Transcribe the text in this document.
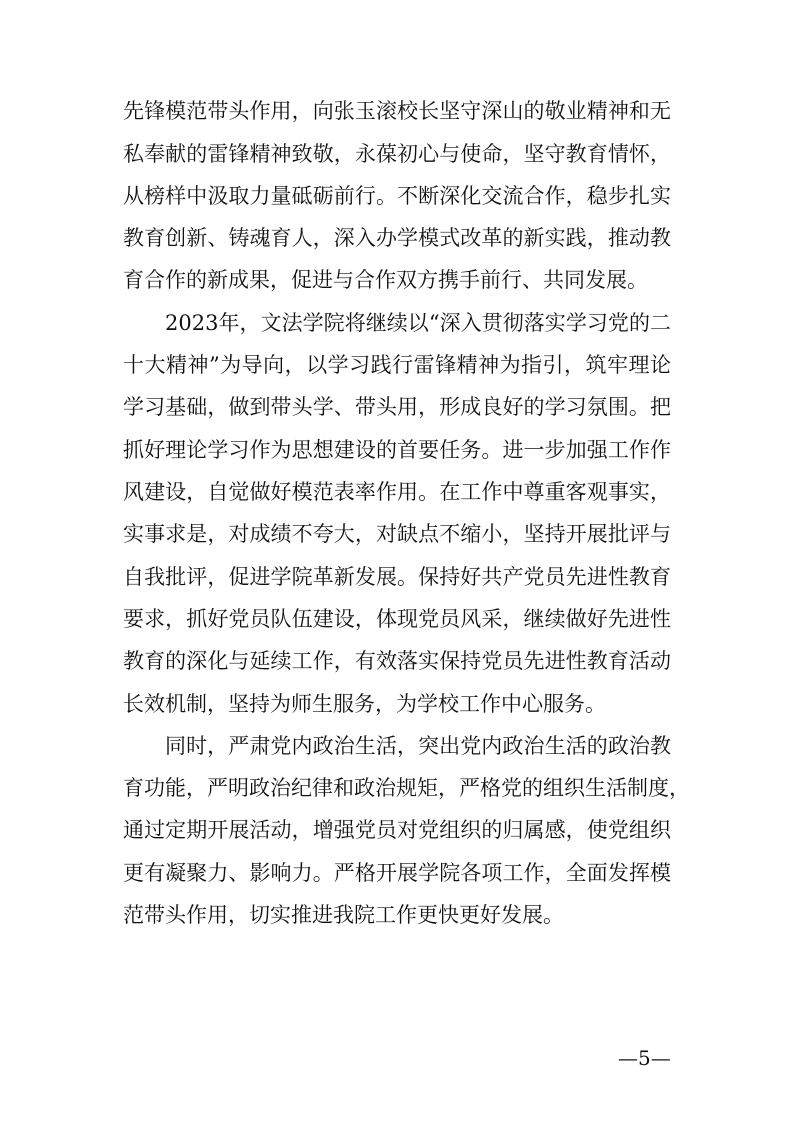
先锋模范带头作用，向张玉滚校长坚守深山的敬业精神和无
私奉献的雷锋精神致敬，永葆初心与使命，坚守教育情怀，
从榜样中汲取力量砥砺前行。不断深化交流合作，稳步扎实
教育创新、铸魂育人，深入办学模式改革的新实践，推动教
育合作的新成果，促进与合作双方携手前行、共同发展。
2023年，文法学院将继续以“深入贯彻落实学习党的二
十大精神”为导向，以学习践行雷锋精神为指引，筑牢理论
学习基础，做到带头学、带头用，形成良好的学习氛围。把
抓好理论学习作为思想建设的首要任务。进一步加强工作作
风建设，自觉做好模范表率作用。在工作中尊重客观事实，
实事求是，对成绩不夸大，对缺点不缩小，坚持开展批评与
自我批评，促进学院革新发展。保持好共产党员先进性教育
要求，抓好党员队伍建设，体现党员风采，继续做好先进性
教育的深化与延续工作，有效落实保持党员先进性教育活动
长效机制，坚持为师生服务，为学校工作中心服务。
同时，严肃党内政治生活，突出党内政治生活的政治教
育功能，严明政治纪律和政治规矩，严格党的组织生活制度，
通过定期开展活动，增强党员对党组织的归属感，使党组织
更有凝聚力、影响力。严格开展学院各项工作，全面发挥模
范带头作用，切实推进我院工作更快更好发展。
—5—
